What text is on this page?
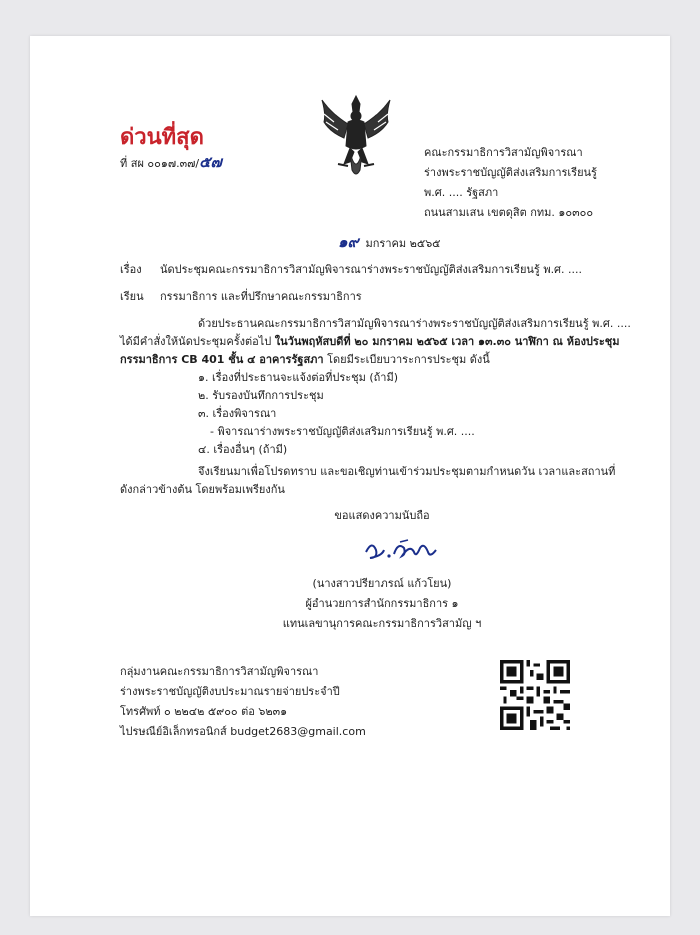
ด่วนที่สุด
ที่ สผ ๐๐๑๗.๓๗/๕๗
คณะกรรมาธิการวิสามัญพิจารณา
ร่างพระราชบัญญัติส่งเสริมการเรียนรู้
พ.ศ. .... รัฐสภา
ถนนสามเสน เขตดุสิต กทม. ๑๐๓๐๐
๑๙ มกราคม ๒๕๖๕
เรื่อง นัดประชุมคณะกรรมาธิการวิสามัญพิจารณาร่างพระราชบัญญัติส่งเสริมการเรียนรู้ พ.ศ. ....
เรียน กรรมาธิการ และที่ปรึกษาคณะกรรมาธิการ
ด้วยประธานคณะกรรมาธิการวิสามัญพิจารณาร่างพระราชบัญญัติส่งเสริมการเรียนรู้ พ.ศ. ....
ได้มีคำสั่งให้นัดประชุมครั้งต่อไป ในวันพฤหัสบดีที่ ๒๐ มกราคม ๒๕๖๕ เวลา ๑๓.๓๐ นาฬิกา ณ ห้องประชุม
กรรมาธิการ CB 401 ชั้น ๔ อาคารรัฐสภา โดยมีระเบียบวาระการประชุม ดังนี้
๑. เรื่องที่ประธานจะแจ้งต่อที่ประชุม (ถ้ามี)
๒. รับรองบันทึกการประชุม
๓. เรื่องพิจารณา
- พิจารณาร่างพระราชบัญญัติส่งเสริมการเรียนรู้ พ.ศ. ....
๔. เรื่องอื่นๆ (ถ้ามี)
จึงเรียนมาเพื่อโปรดทราบ และขอเชิญท่านเข้าร่วมประชุมตามกำหนดวัน เวลาและสถานที่
ดังกล่าวข้างต้น โดยพร้อมเพรียงกัน
ขอแสดงความนับถือ
(นางสาวปรียาภรณ์ แก้วโยน)
ผู้อำนวยการสำนักกรรมาธิการ ๑
แทนเลขานุการคณะกรรมาธิการวิสามัญ ฯ
กลุ่มงานคณะกรรมาธิการวิสามัญพิจารณา
ร่างพระราชบัญญัติงบประมาณรายจ่ายประจำปี
โทรศัพท์ ๐ ๒๒๔๒ ๕๙๐๐ ต่อ ๖๒๓๑
ไปรษณีย์อิเล็กทรอนิกส์ budget2683@gmail.com
